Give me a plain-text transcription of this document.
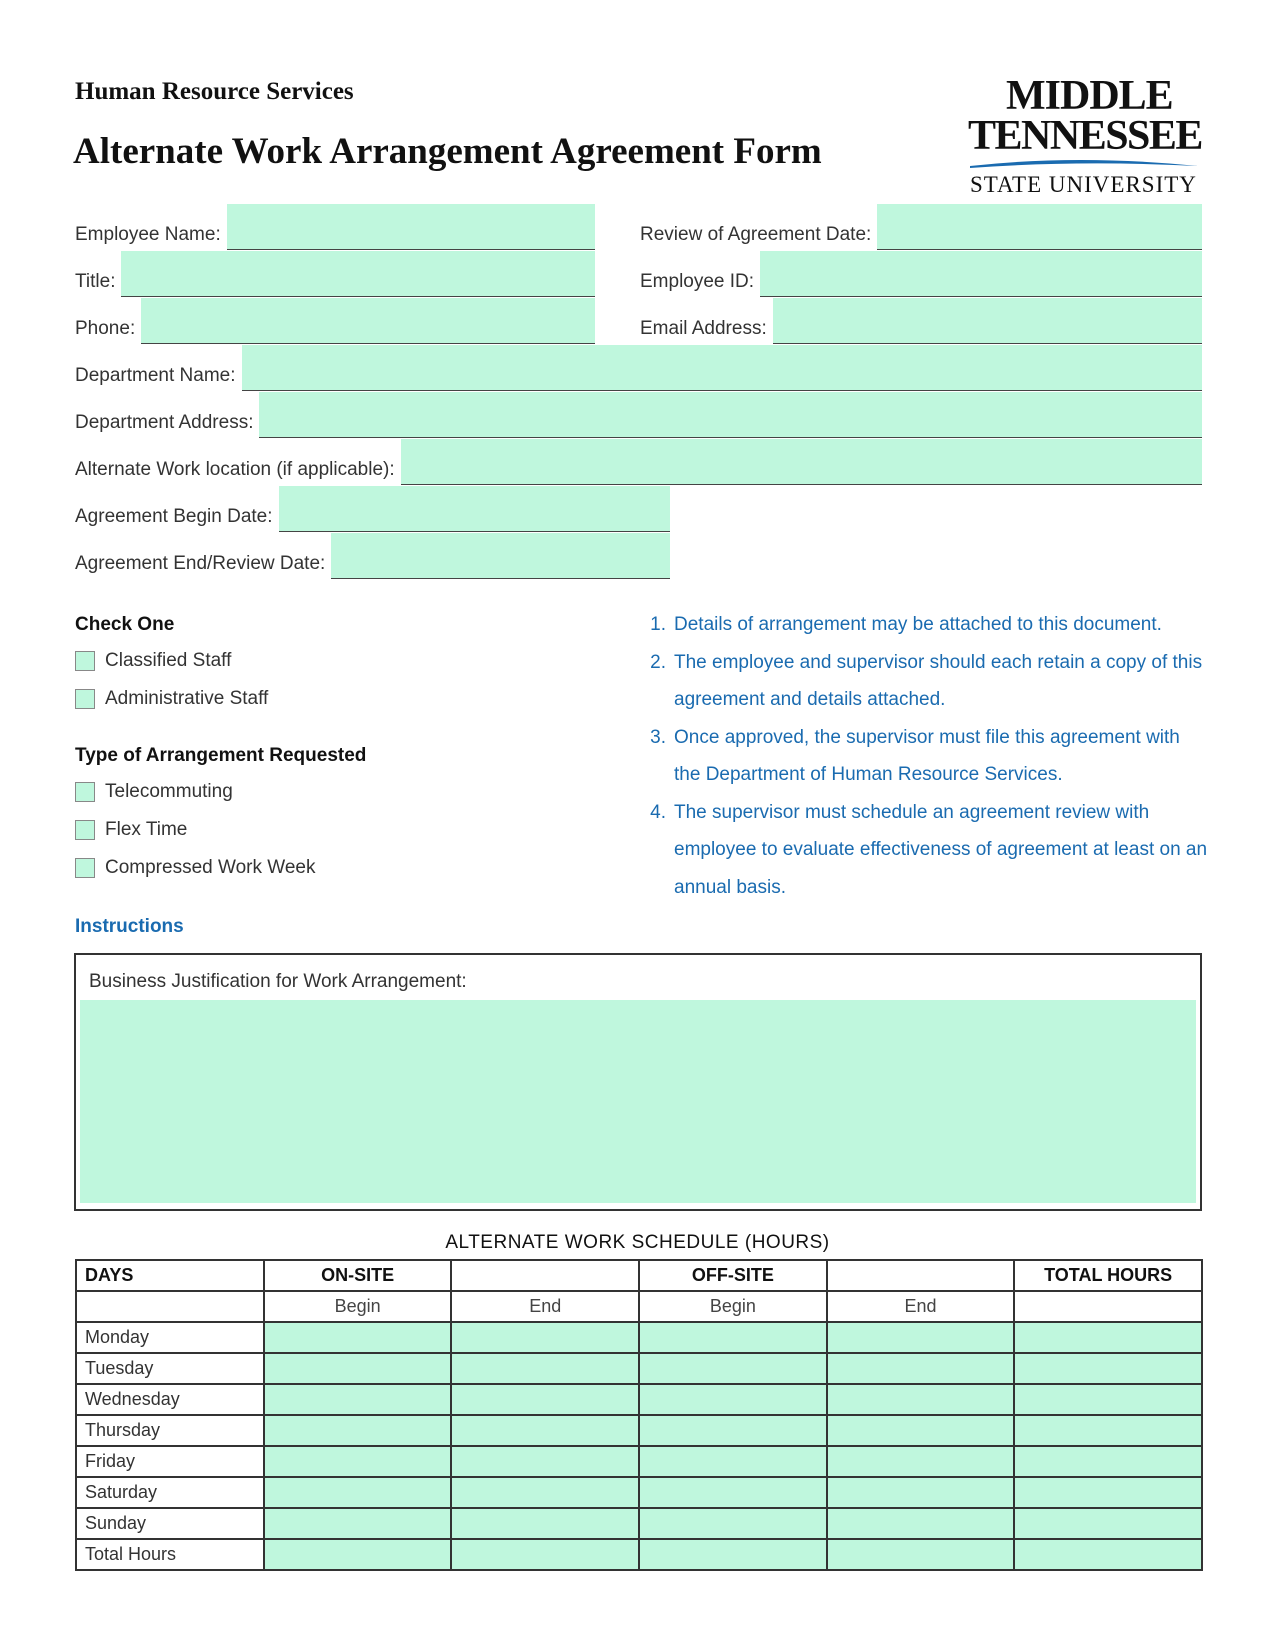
Human Resource Services
Alternate Work Arrangement Agreement Form
MIDDLE
TENNESSEE
STATE UNIVERSITY
Employee Name:	Review of Agreement Date:
Title:	Employee ID:
Phone:	Email Address:
Department Name:
Department Address:
Alternate Work location (if applicable):
Agreement Begin Date:
Agreement End/Review Date:
Check One
Classified Staff
Administrative Staff
Type of Arrangement Requested
Telecommuting
Flex Time
Compressed Work Week
Instructions
1. Details of arrangement may be attached to this document.
2. The employee and supervisor should each retain a copy of this agreement and details attached.
3. Once approved, the supervisor must file this agreement with the Department of Human Resource Services.
4. The supervisor must schedule an agreement review with employee to evaluate effectiveness of agreement at least on an annual basis.
Business Justification for Work Arrangement:
ALTERNATE WORK SCHEDULE (HOURS)
DAYS	ON-SITE		OFF-SITE		TOTAL HOURS
	Begin	End	Begin	End	
Monday					
Tuesday					
Wednesday					
Thursday					
Friday					
Saturday					
Sunday					
Total Hours					
